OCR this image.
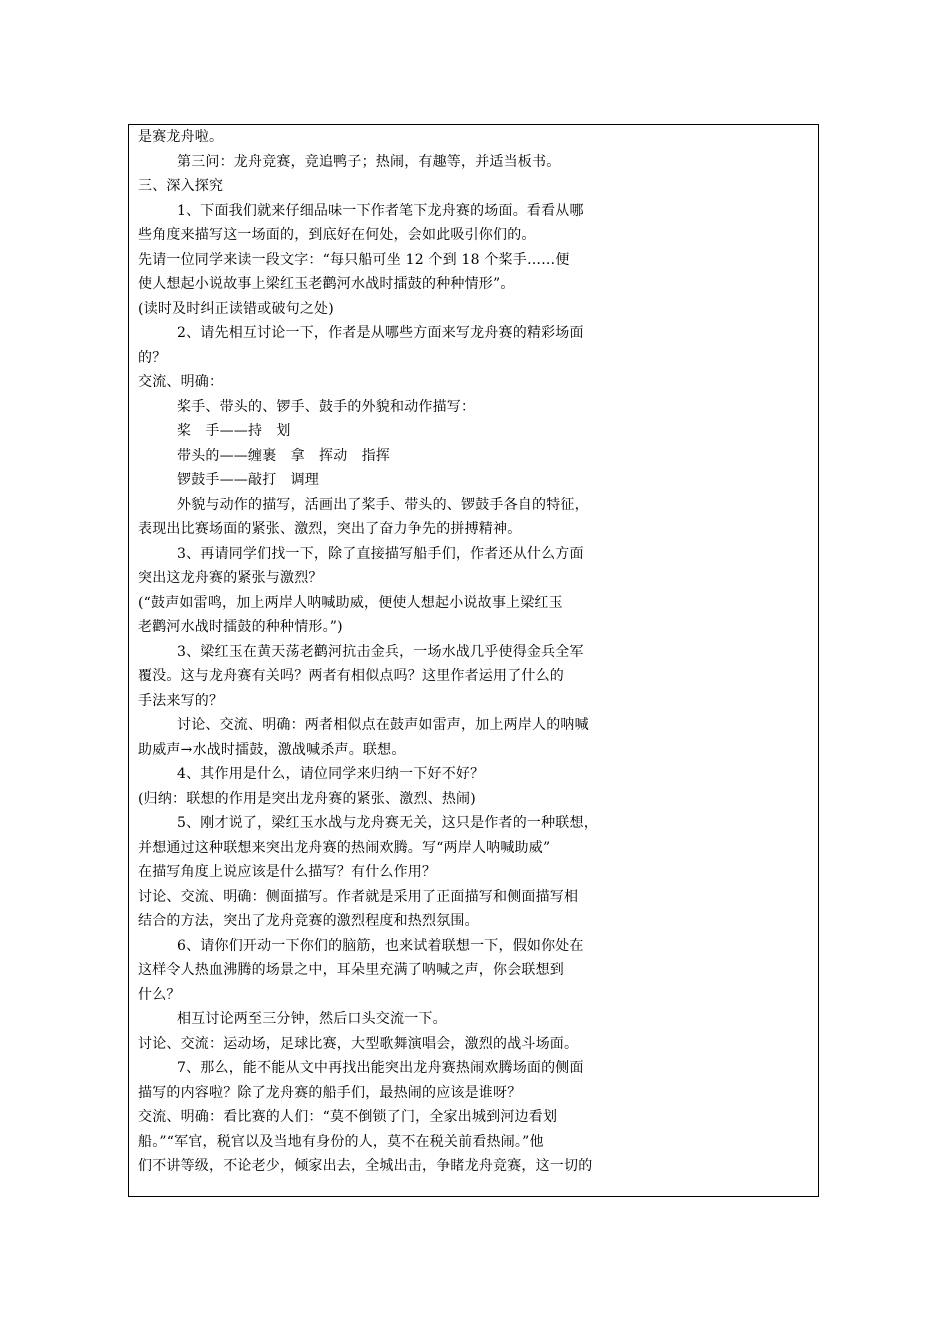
是赛龙舟啦。
第三问：龙舟竞赛，竞追鸭子；热闹，有趣等，并适当板书。
三、深入探究
1、下面我们就来仔细品味一下作者笔下龙舟赛的场面。看看从哪
些角度来描写这一场面的，到底好在何处，会如此吸引你们的。
先请一位同学来读一段文字：“每只船可坐 12 个到 18 个桨手……便
使人想起小说故事上梁红玉老鹳河水战时擂鼓的种种情形”。
(读时及时纠正读错或破句之处)
2、请先相互讨论一下，作者是从哪些方面来写龙舟赛的精彩场面
的？
交流、明确：
桨手、带头的、锣手、鼓手的外貌和动作描写：
桨　手——持　划
带头的——缠裹　拿　挥动　指挥
锣鼓手——敲打　调理
外貌与动作的描写，活画出了桨手、带头的、锣鼓手各自的特征，
表现出比赛场面的紧张、激烈，突出了奋力争先的拼搏精神。
3、再请同学们找一下，除了直接描写船手们，作者还从什么方面
突出这龙舟赛的紧张与激烈？
(“鼓声如雷鸣，加上两岸人呐喊助威，便使人想起小说故事上梁红玉
老鹳河水战时擂鼓的种种情形。”)
3、梁红玉在黄天荡老鹳河抗击金兵，一场水战几乎使得金兵全军
覆没。这与龙舟赛有关吗？两者有相似点吗？这里作者运用了什么的
手法来写的？
讨论、交流、明确：两者相似点在鼓声如雷声，加上两岸人的呐喊
助威声→水战时擂鼓，激战喊杀声。联想。
4、其作用是什么，请位同学来归纳一下好不好？
(归纳：联想的作用是突出龙舟赛的紧张、激烈、热闹)
5、刚才说了，梁红玉水战与龙舟赛无关，这只是作者的一种联想，
并想通过这种联想来突出龙舟赛的热闹欢腾。写“两岸人呐喊助威”
在描写角度上说应该是什么描写？有什么作用？
讨论、交流、明确：侧面描写。作者就是采用了正面描写和侧面描写相
结合的方法，突出了龙舟竞赛的激烈程度和热烈氛围。
6、请你们开动一下你们的脑筋，也来试着联想一下，假如你处在
这样令人热血沸腾的场景之中，耳朵里充满了呐喊之声，你会联想到
什么？
相互讨论两至三分钟，然后口头交流一下。
讨论、交流：运动场，足球比赛，大型歌舞演唱会，激烈的战斗场面。
7、那么，能不能从文中再找出能突出龙舟赛热闹欢腾场面的侧面
描写的内容啦？除了龙舟赛的船手们，最热闹的应该是谁呀？
交流、明确：看比赛的人们：“莫不倒锁了门，全家出城到河边看划
船。”“军官，税官以及当地有身份的人，莫不在税关前看热闹。”他
们不讲等级，不论老少，倾家出去，全城出击，争睹龙舟竞赛，这一切的
